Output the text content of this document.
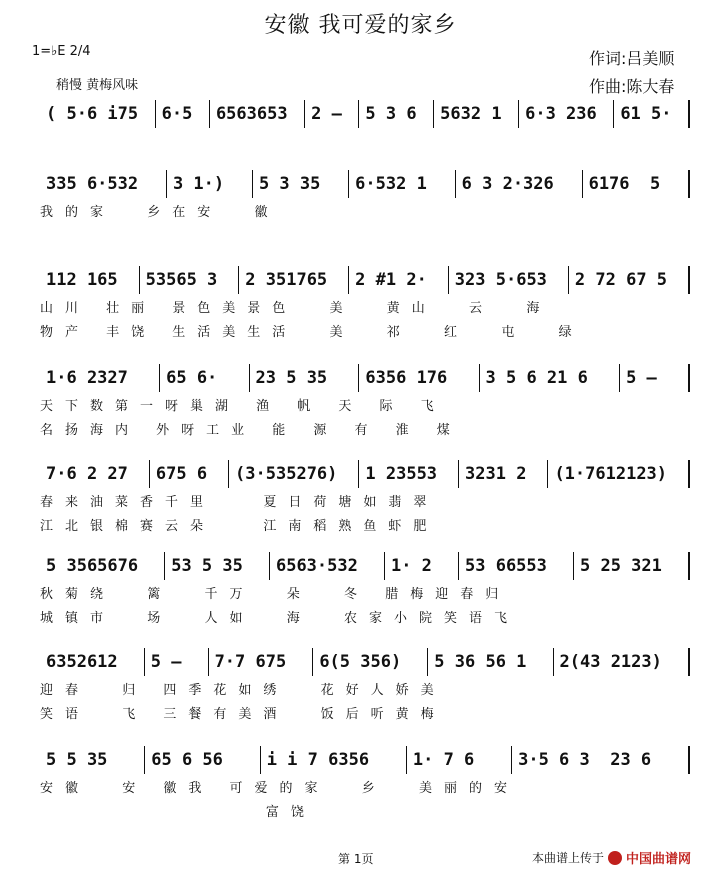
安徽 我可爱的家乡
1=♭E 2/4
稍慢 黄梅风味
作词:吕美顺
作曲:陈大春
( 5·6 i75	6·5	6563653	2 –	5 3 6	5632 1	6·3 236	61 5·
335 6·532	3 1·)	5 3 35	6·532 1	6 3 2·326	6176  5
我的家  乡在安  徽
112 165	53565 3	2 351765	2 #1 2·	323 5·653	2 72 67 5
山川 壮丽 景色美景色  美  黄山  云  海
物产 丰饶 生活美生活  美  祁  红  屯  绿
1·6 2327	65 6·	23 5 35	6356 176	3 5 6 21 6	5 –
天下数第一呀巢湖 渔 帆 天 际 飞
名扬海内 外呀工业 能 源 有 淮 煤
7·6 2 27	675 6	(3·535276)	1 23553	3231 2	(1·7612123)
春来油菜香千里   夏日荷塘如翡翠
江北银棉赛云朵   江南稻熟鱼虾肥
5 3565676	53 5 35	6563·532	1· 2	53 66553	5 25 321
秋菊绕  篱  千万  朵  冬 腊梅迎春归
城镇市  场  人如  海  农家小院笑语飞
6352612	5 –	7·7 675	6(5 356)	5 36 56 1	2(43 2123)
迎春  归 四季花如绣  花好人娇美
笑语  飞 三餐有美酒  饭后听黄梅
5 5 35	65 6 56	i i 7 6356	1· 7 6	3·5 6 3  23 6
安徽  安 徽我 可爱的家  乡  美丽的安
富饶
第 1页	本曲谱上传于 中国曲谱网
